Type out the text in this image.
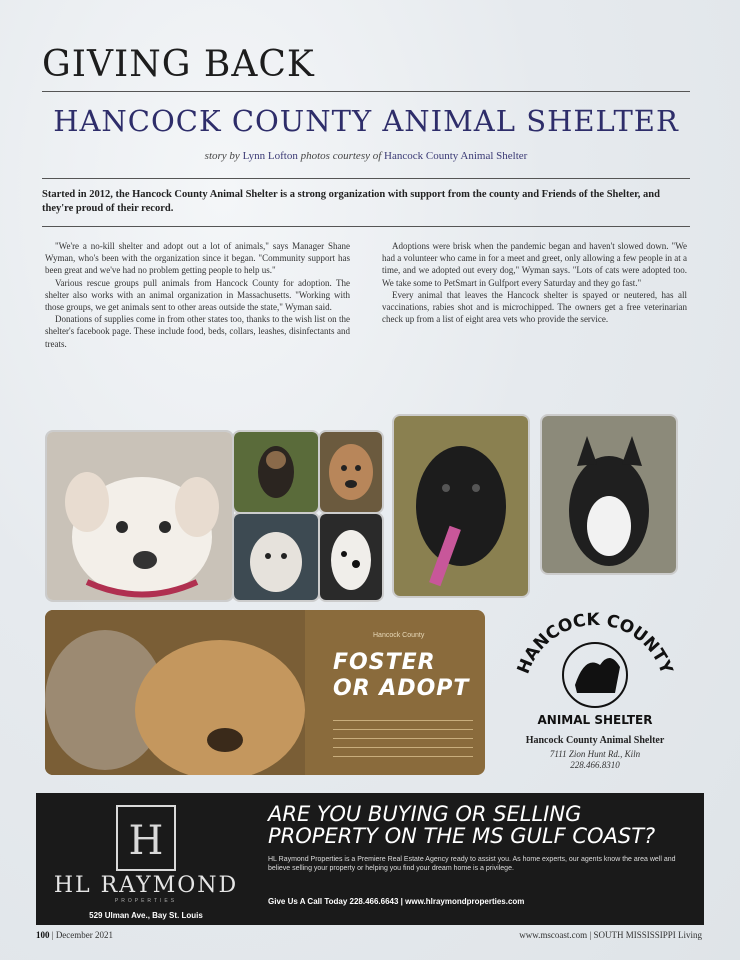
GIVING BACK
HANCOCK COUNTY ANIMAL SHELTER
story by Lynn Lofton photos courtesy of Hancock County Animal Shelter
Started in 2012, the Hancock County Animal Shelter is a strong organization with support from the county and Friends of the Shelter, and they're proud of their record.

"We're a no-kill shelter and adopt out a lot of animals," says Manager Shane Wyman, who's been with the organization since it began. "Community support has been great and we've had no problem getting people to help us."

Various rescue groups pull animals from Hancock County for adoption. The shelter also works with an animal organization in Massachusetts. "Working with those groups, we get animals sent to other areas outside the state," Wyman said.

Donations of supplies come in from other states too, thanks to the wish list on the shelter's facebook page. These include food, beds, collars, leashes, disinfectants and treats.

Adoptions were brisk when the pandemic began and haven't slowed down. "We had a volunteer who came in for a meet and greet, only allowing a few people in at a time, and we adopted out every dog," Wyman says. "Lots of cats were adopted too. We take some to PetSmart in Gulfport every Saturday and they go fast."

Every animal that leaves the Hancock shelter is spayed or neutered, has all vaccinations, rabies shot and is microchipped. The owners get a free veterinarian check up from a list of eight area vets who provide the service.

Hancock County
FOSTER OR ADOPT
HANCOCK COUNTY
ANIMAL SHELTER
Hancock County Animal Shelter
7111 Zion Hunt Rd., Kiln
228.466.8310
H
HL RAYMOND
PROPERTIES
529 Ulman Ave., Bay St. Louis
ARE YOU BUYING OR SELLING
PROPERTY ON THE MS GULF COAST?
HL Raymond Properties is a Premiere Real Estate Agency ready to assist you. As home experts, our agents know the area well and believe selling your property or helping you find your dream home is a privilege.
Give Us A Call Today 228.466.6643 | www.hlraymondproperties.com
100 | December 2021	www.mscoast.com | SOUTH MISSISSIPPI Living
